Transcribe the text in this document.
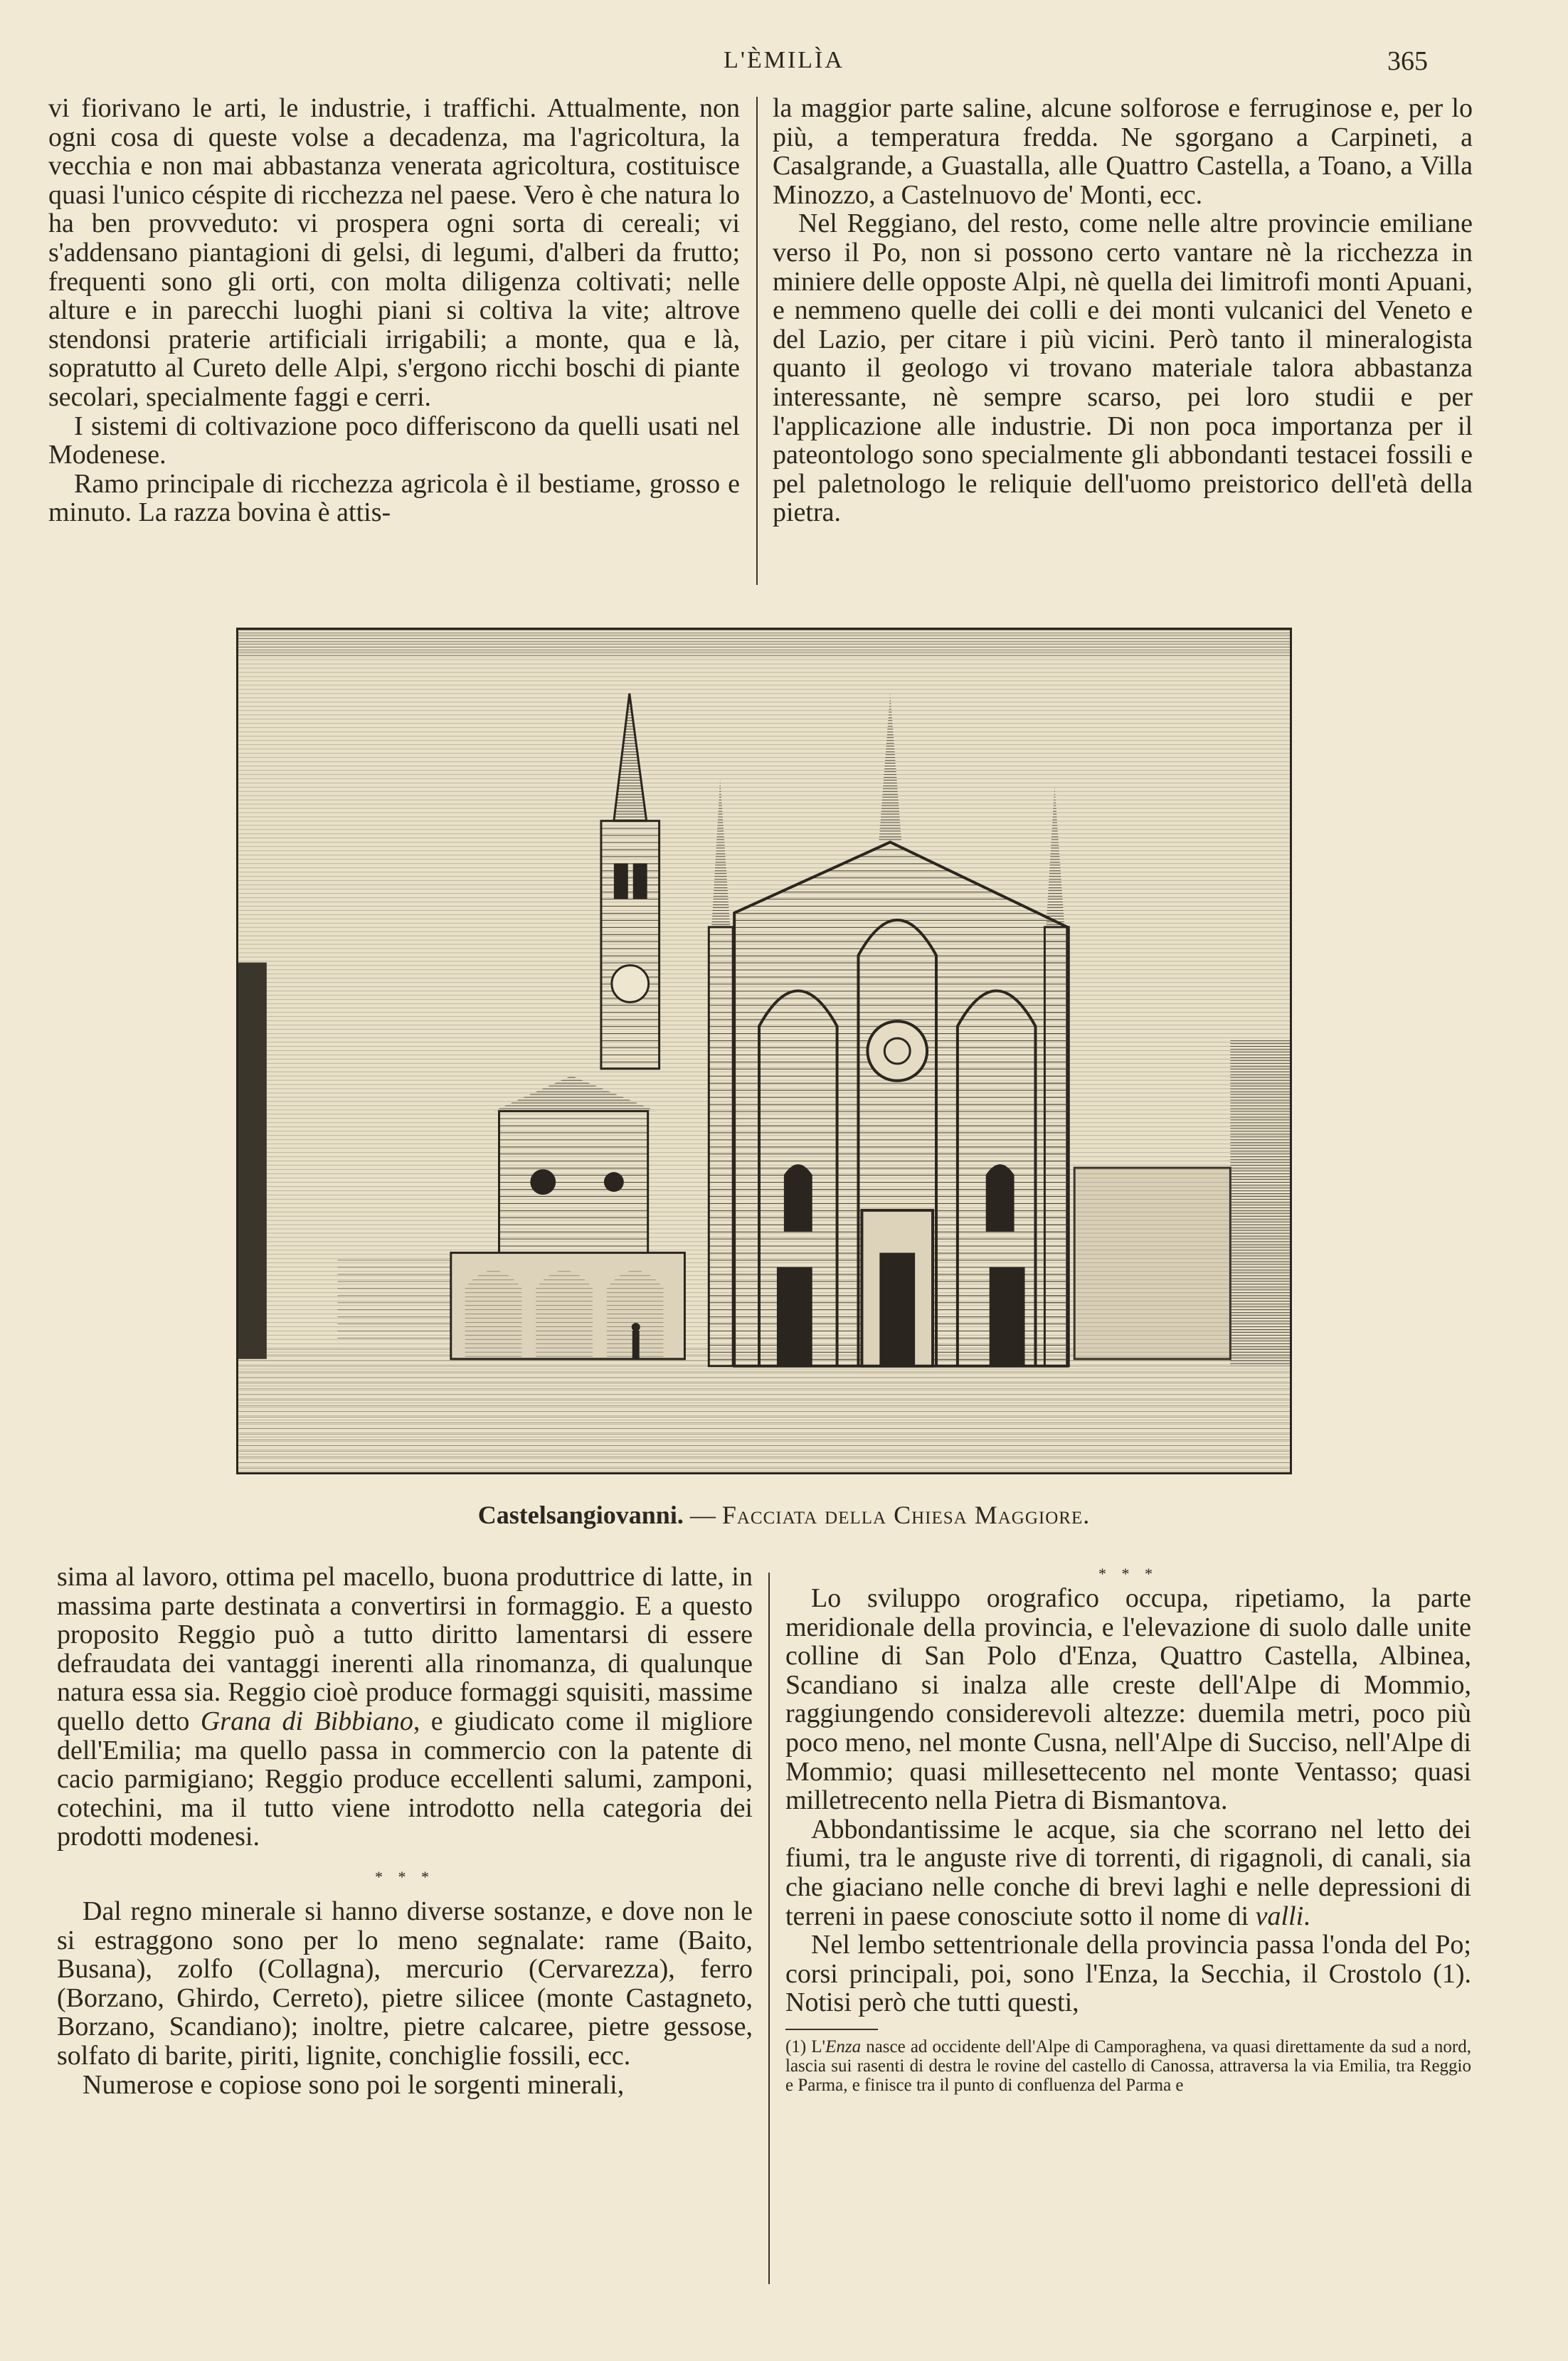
L'ÈMILÌA	365

vi fiorivano le arti, le industrie, i traffichi. Attualmente, non ogni cosa di queste volse a decadenza, ma l'agricoltura, la vecchia e non mai abbastanza venerata agricoltura, costituisce quasi l'unico céspite di ricchezza nel paese. Vero è che natura lo ha ben provveduto: vi prospera ogni sorta di cereali; vi s'addensano piantagioni di gelsi, di legumi, d'alberi da frutto; frequenti sono gli orti, con molta diligenza coltivati; nelle alture e in parecchi luoghi piani si coltiva la vite; altrove stendonsi praterie artificiali irrigabili; a monte, qua e là, sopratutto al Cureto delle Alpi, s'ergono ricchi boschi di piante secolari, specialmente faggi e cerri.

I sistemi di coltivazione poco differiscono da quelli usati nel Modenese.

Ramo principale di ricchezza agricola è il bestiame, grosso e minuto. La razza bovina è attis-

la maggior parte saline, alcune solforose e ferruginose e, per lo più, a temperatura fredda. Ne sgorgano a Carpineti, a Casalgrande, a Guastalla, alle Quattro Castella, a Toano, a Villa Minozzo, a Castelnuovo de' Monti, ecc.

Nel Reggiano, del resto, come nelle altre provincie emiliane verso il Po, non si possono certo vantare nè la ricchezza in miniere delle opposte Alpi, nè quella dei limitrofi monti Apuani, e nemmeno quelle dei colli e dei monti vulcanici del Veneto e del Lazio, per citare i più vicini. Però tanto il mineralogista quanto il geologo vi trovano materiale talora abbastanza interessante, nè sempre scarso, pei loro studii e per l'applicazione alle industrie. Di non poca importanza per il pateontologo sono specialmente gli abbondanti testacei fossili e pel paletnologo le reliquie dell'uomo preistorico dell'età della pietra.

Castelsangiovanni. — Facciata della Chiesa Maggiore.

sima al lavoro, ottima pel macello, buona produttrice di latte, in massima parte destinata a convertirsi in formaggio. E a questo proposito Reggio può a tutto diritto lamentarsi di essere defraudata dei vantaggi inerenti alla rinomanza, di qualunque natura essa sia. Reggio cioè produce formaggi squisiti, massime quello detto Grana di Bibbiano, e giudicato come il migliore dell'Emilia; ma quello passa in commercio con la patente di cacio parmigiano; Reggio produce eccellenti salumi, zamponi, cotechini, ma il tutto viene introdotto nella categoria dei prodotti modenesi.

* * *

Dal regno minerale si hanno diverse sostanze, e dove non le si estraggono sono per lo meno segnalate: rame (Baito, Busana), zolfo (Collagna), mercurio (Cervarezza), ferro (Borzano, Ghirdo, Cerreto), pietre silicee (monte Castagneto, Borzano, Scandiano); inoltre, pietre calcaree, pietre gessose, solfato di barite, piriti, lignite, conchiglie fossili, ecc.

Numerose e copiose sono poi le sorgenti minerali,

* * *

Lo sviluppo orografico occupa, ripetiamo, la parte meridionale della provincia, e l'elevazione di suolo dalle unite colline di San Polo d'Enza, Quattro Castella, Albinea, Scandiano si inalza alle creste dell'Alpe di Mommio, raggiungendo considerevoli altezze: duemila metri, poco più poco meno, nel monte Cusna, nell'Alpe di Succiso, nell'Alpe di Mommio; quasi millesettecento nel monte Ventasso; quasi milletrecento nella Pietra di Bismantova.

Abbondantissime le acque, sia che scorrano nel letto dei fiumi, tra le anguste rive di torrenti, di rigagnoli, di canali, sia che giaciano nelle conche di brevi laghi e nelle depressioni di terreni in paese conosciute sotto il nome di valli.

Nel lembo settentrionale della provincia passa l'onda del Po; corsi principali, poi, sono l'Enza, la Secchia, il Crostolo (1). Notisi però che tutti questi,

(1) L'Enza nasce ad occidente dell'Alpe di Camporaghena, va quasi direttamente da sud a nord, lascia sui rasenti di destra le rovine del castello di Canossa, attraversa la via Emilia, tra Reggio e Parma, e finisce tra il punto di confluenza del Parma e
